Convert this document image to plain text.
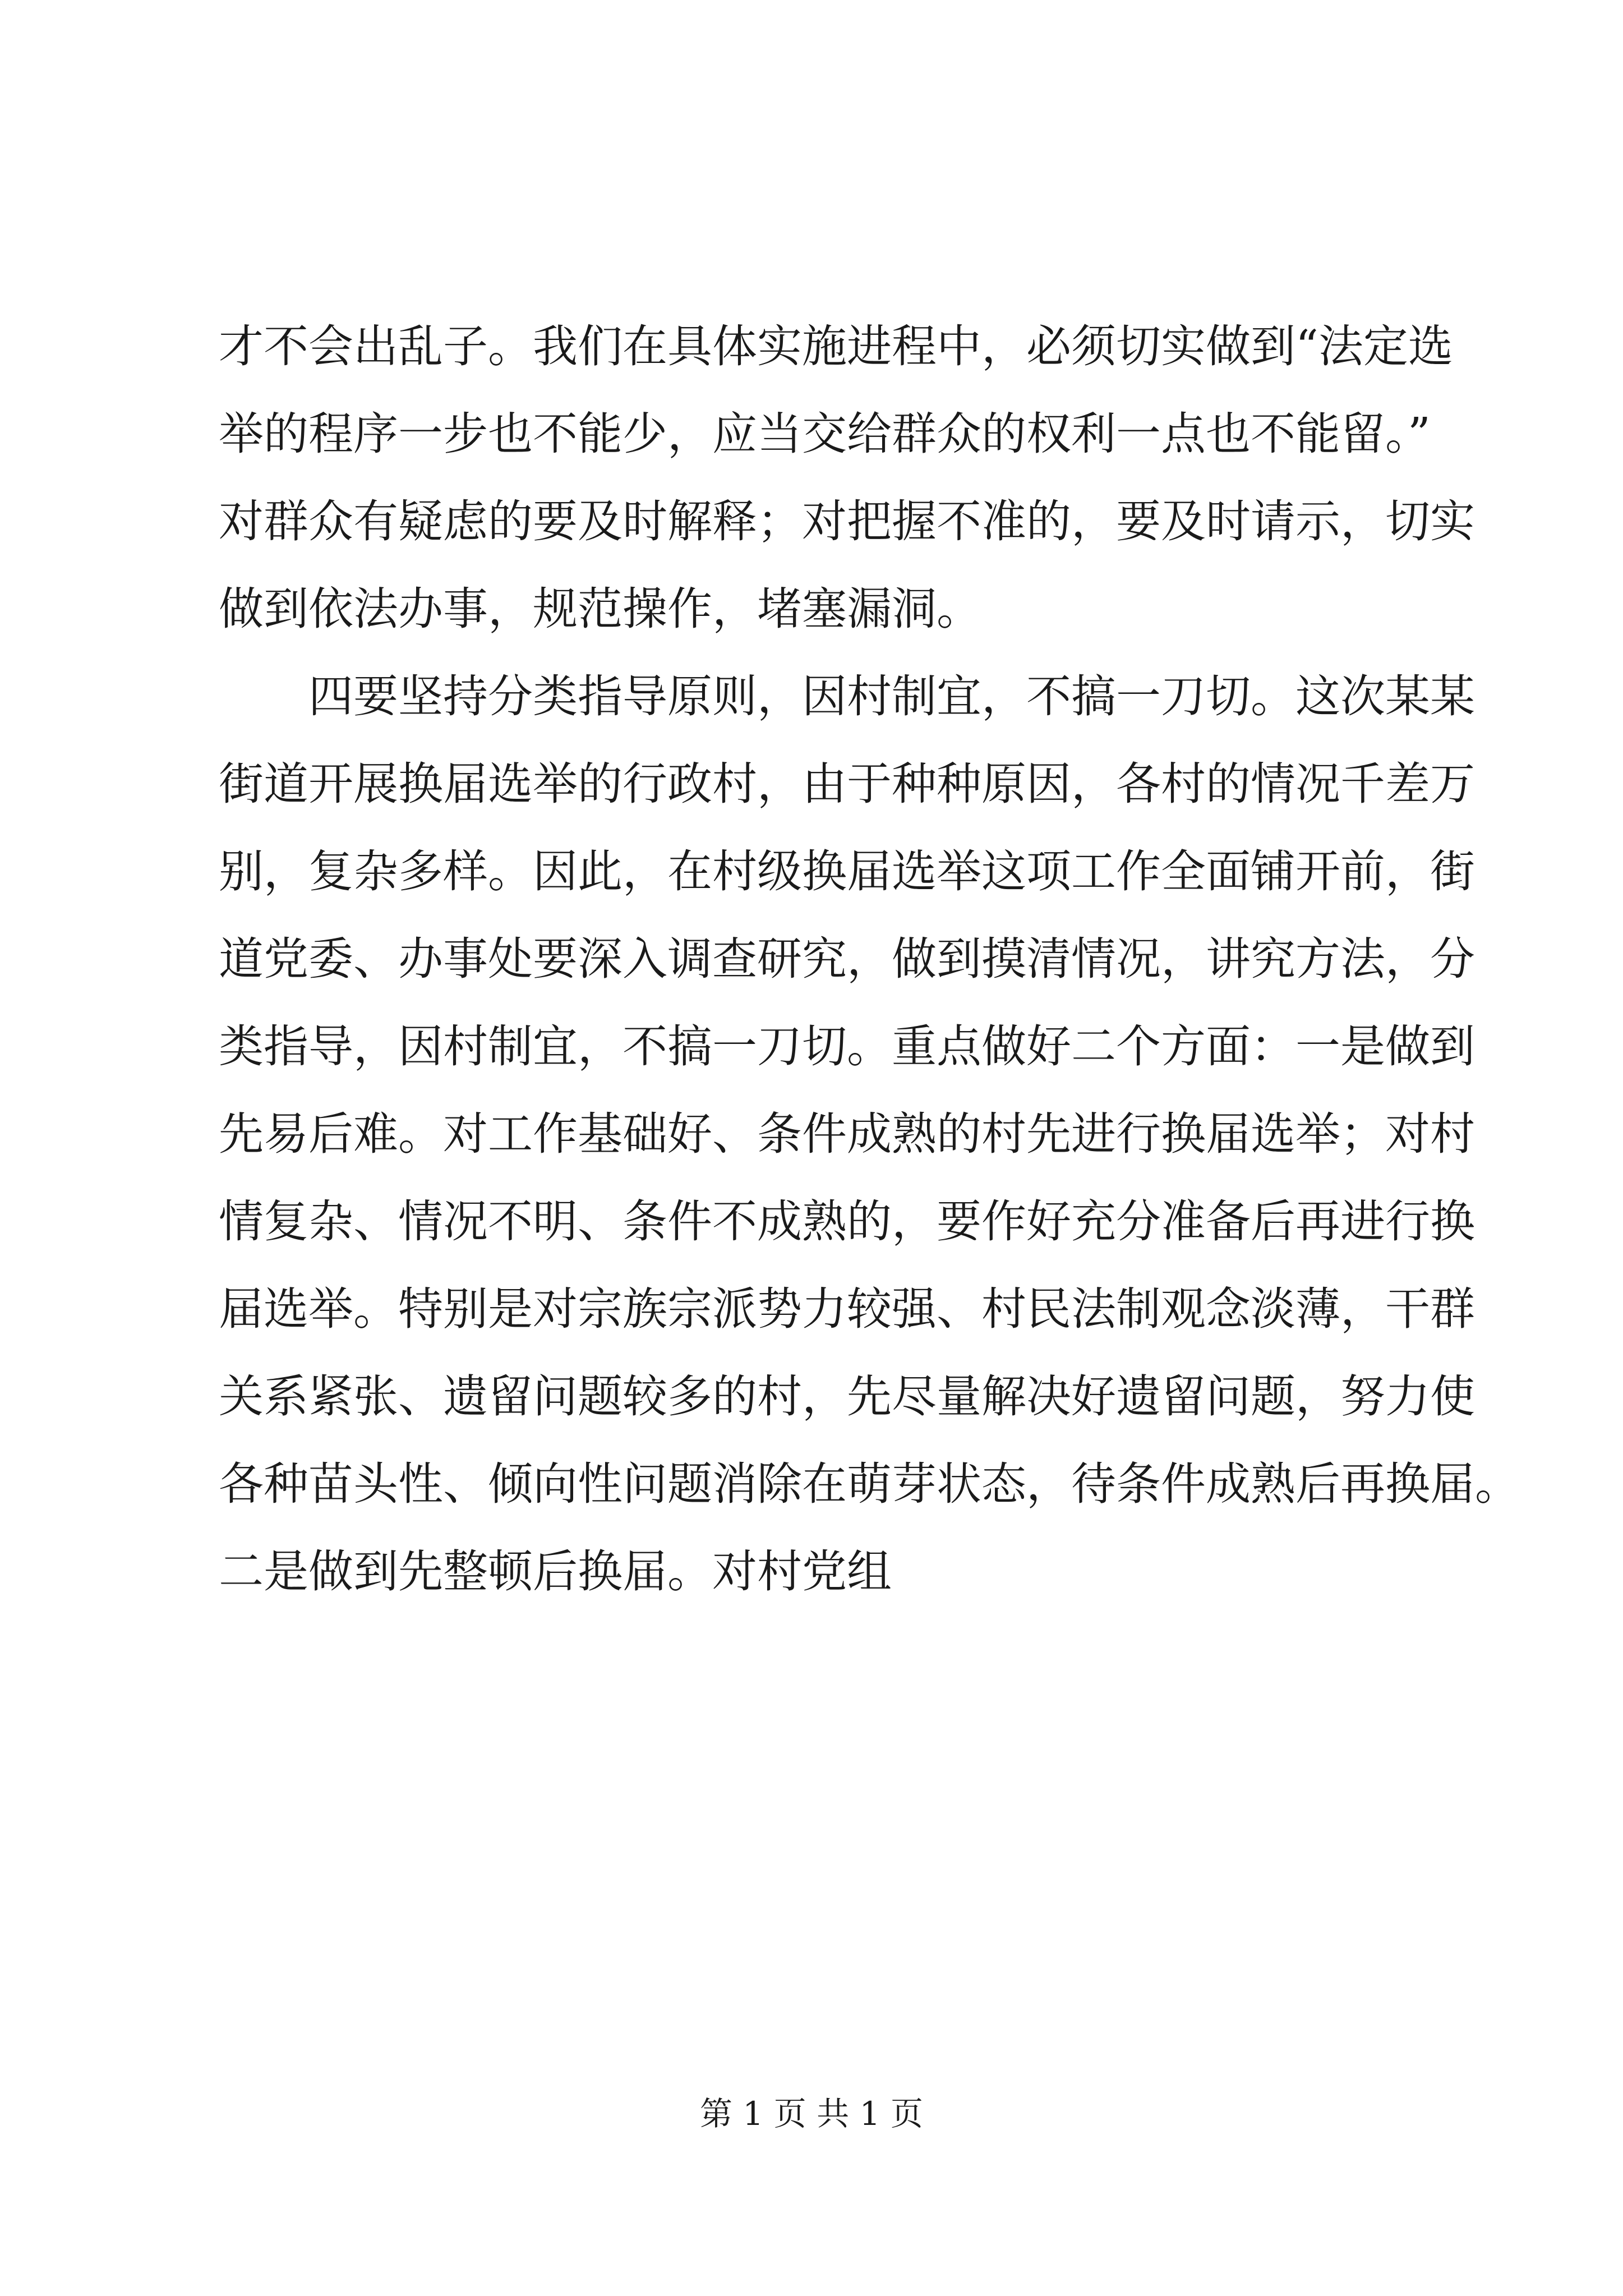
才不会出乱子。我们在具体实施进程中，必须切实做到“法定选
举的程序一步也不能少，应当交给群众的权利一点也不能留。”
对群众有疑虑的要及时解释；对把握不准的，要及时请示，切实
做到依法办事，规范操作，堵塞漏洞。
四要坚持分类指导原则，因村制宜，不搞一刀切。这次某某
街道开展换届选举的行政村，由于种种原因，各村的情况千差万
别，复杂多样。因此，在村级换届选举这项工作全面铺开前，街
道党委、办事处要深入调查研究，做到摸清情况，讲究方法，分
类指导，因村制宜，不搞一刀切。重点做好二个方面：一是做到
先易后难。对工作基础好、条件成熟的村先进行换届选举；对村
情复杂、情况不明、条件不成熟的，要作好充分准备后再进行换
届选举。特别是对宗族宗派势力较强、村民法制观念淡薄，干群
关系紧张、遗留问题较多的村，先尽量解决好遗留问题，努力使
各种苗头性、倾向性问题消除在萌芽状态，待条件成熟后再换届。
二是做到先整顿后换届。对村党组
第 1 页 共 1 页
